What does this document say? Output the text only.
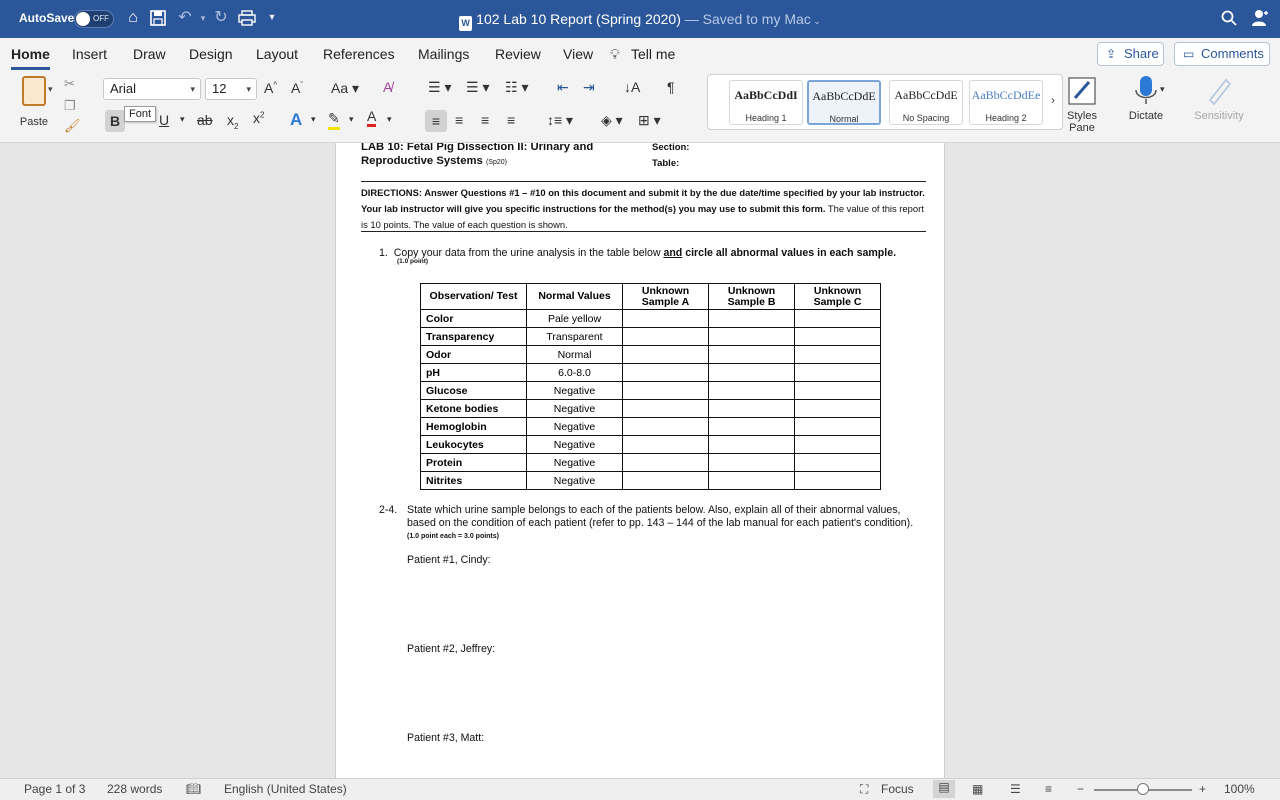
AutoSave OFF	⌂	↶	▾ ↻	▾	W 102 Lab 10 Report (Spring 2020) — Saved to my Mac ⌄
Home Insert Draw Design Layout References Mailings Review View 💡︎ Tell me	⇪ Share	▭ Comments
Paste
▾ ✂
❐
🖌︎
Arial	▾	12 ▾ A^ $A^ˇ$ Aa ▾ A̸
B	U ▾ ab $x_2$
$x^2$ A ▾ ✎ ▾ A ▾
☰ ▾ ☰ ▾ ☷ ▾ ⇤ ⇥ ↓A ¶
≡	≡ ≡ ≡ ↕≡ ▾ ◈ ▾ ⊞ ▾
Font
AaBbCcDdI
Heading 1
AaBbCcDdE
Normal
AaBbCcDdE
No Spacing
AaBbCcDdEe
Heading 2
›
Styles Pane
Dictate
▾
Sensitivity
LAB 10: Fetal Pig Dissection II: Urinary and
Reproductive Systems (Sp20)
Section:
Table:
DIRECTIONS: Answer Questions #1 – #10 on this document and submit it by the due date/time specified by your lab instructor. Your lab instructor will give you specific instructions for the method(s) you may use to submit this form. The value of this report is 10 points. The value of each question is shown.
1. Copy your data from the urine analysis in the table below and circle all abnormal values in each sample.
(1.0 point)
Observation/ Test	Normal Values	Unknown Sample A	Unknown Sample B	Unknown Sample C
Color	Pale yellow			
Transparency	Transparent			
Odor	Normal			
pH	6.0-8.0			
Glucose	Negative			
Ketone bodies	Negative			
Hemoglobin	Negative			
Leukocytes	Negative			
Protein	Negative			
Nitrites	Negative			
2-4. State which urine sample belongs to each of the patients below. Also, explain all of their abnormal values, based on the condition of each patient (refer to pp. 143 – 144 of the lab manual for each patient's condition).  (1.0 point each = 3.0 points)
Patient #1, Cindy:
Patient #2, Jeffrey:
Patient #3, Matt:
Page 1 of 3 228 words 📖︎ English (United States)	⛶ Focus	▤	▦ ☰ ≡ −	+ 100%
